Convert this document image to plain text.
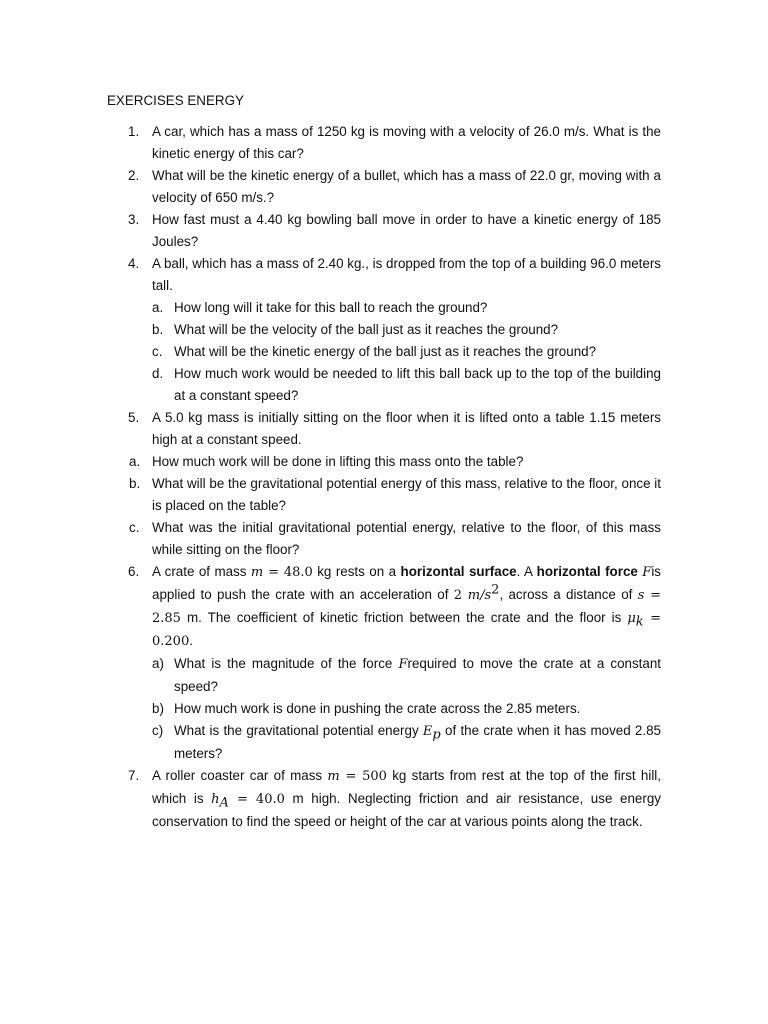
EXERCISES ENERGY
1. A car, which has a mass of 1250 kg is moving with a velocity of 26.0 m/s. What is the kinetic energy of this car?
2. What will be the kinetic energy of a bullet, which has a mass of 22.0 gr, moving with a velocity of 650 m/s.?
3. How fast must a 4.40 kg bowling ball move in order to have a kinetic energy of 185 Joules?
4. A ball, which has a mass of 2.40 kg., is dropped from the top of a building 96.0 meters tall.
a. How long will it take for this ball to reach the ground?
b. What will be the velocity of the ball just as it reaches the ground?
c. What will be the kinetic energy of the ball just as it reaches the ground?
d. How much work would be needed to lift this ball back up to the top of the building at a constant speed?
5. A 5.0 kg mass is initially sitting on the floor when it is lifted onto a table 1.15 meters high at a constant speed.
a. How much work will be done in lifting this mass onto the table?
b. What will be the gravitational potential energy of this mass, relative to the floor, once it is placed on the table?
c. What was the initial gravitational potential energy, relative to the floor, of this mass while sitting on the floor?
6. A crate of mass m = 48.0 kg rests on a horizontal surface. A horizontal force Fis applied to push the crate with an acceleration of 2 $m/s^2$, across a distance of s = 2.85 m. The coefficient of kinetic friction between the crate and the floor is $\mu_k = 0.200$.
a) What is the magnitude of the force Frequired to move the crate at a constant speed?
b) How much work is done in pushing the crate across the 2.85 meters.
c) What is the gravitational potential energy $E_p$ of the crate when it has moved 2.85 meters?
7. A roller coaster car of mass m = 500 kg starts from rest at the top of the first hill, which is $h_A = 40.0$ m high. Neglecting friction and air resistance, use energy conservation to find the speed or height of the car at various points along the track.
